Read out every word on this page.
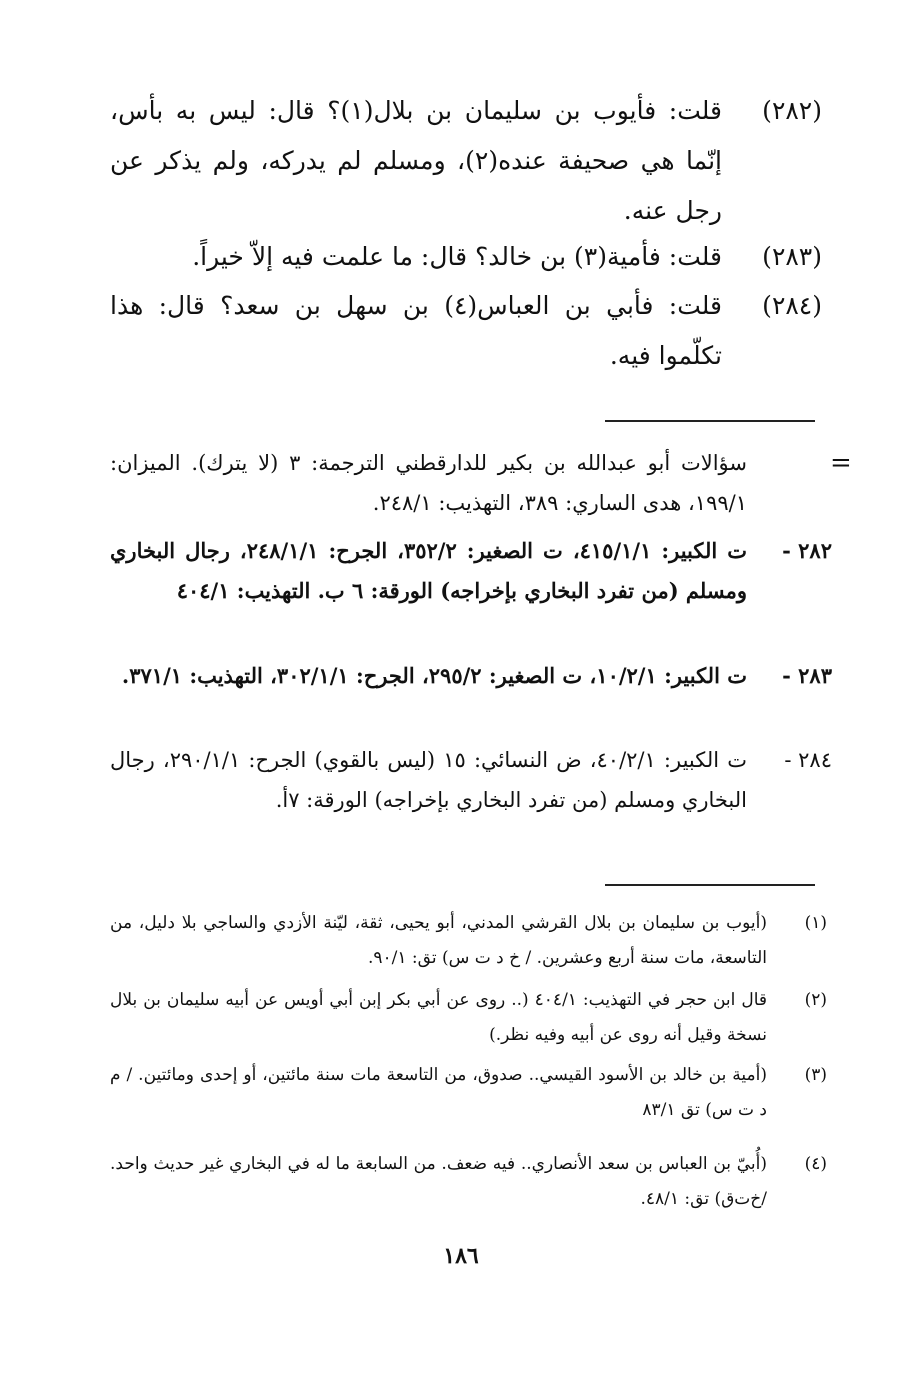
(٢٨٢)
قلت: فأيوب بن سليمان بن بلال(١)؟ قال: ليس به بأس، إنّما هي صحيفة عنده(٢)، ومسلم لم يدركه، ولم يذكر عن رجل عنه.
(٢٨٣)
قلت: فأمية(٣) بن خالد؟ قال: ما علمت فيه إلاّ خيراً.
(٢٨٤)
قلت: فأبي بن العباس(٤) بن سهل بن سعد؟ قال: هذا تكلّموا فيه.
=
سؤالات أبو عبدالله بن بكير للدارقطني الترجمة: ٣ (لا يترك). الميزان: ١٩٩/١، هدى الساري: ٣٨٩، التهذيب: ٢٤٨/١.
٢٨٢ -
ت الكبير: ٤١٥/١/١، ت الصغير: ٣٥٢/٢، الجرح: ٢٤٨/١/١، رجال البخاري ومسلم (من تفرد البخاري بإخراجه) الورقة: ٦ ب. التهذيب: ٤٠٤/١
٢٨٣ -
ت الكبير: ١٠/٢/١، ت الصغير: ٢٩٥/٢، الجرح: ٣٠٢/١/١، التهذيب: ٣٧١/١.
٢٨٤ -
ت الكبير: ٤٠/٢/١، ض النسائي: ١٥ (ليس بالقوي) الجرح: ٢٩٠/١/١، رجال البخاري ومسلم (من تفرد البخاري بإخراجه) الورقة: ٧أ.
(١)
(أيوب بن سليمان بن بلال القرشي المدني، أبو يحيى، ثقة، ليّنة الأزدي والساجي بلا دليل، من التاسعة، مات سنة أربع وعشرين. / خ د ت س) تق: ٩٠/١.
(٢)
قال ابن حجر في التهذيب: ٤٠٤/١ (.. روى عن أبي بكر إبن أبي أويس عن أبيه سليمان بن بلال نسخة وقيل أنه روى عن أبيه وفيه نظر.)
(٣)
(أمية بن خالد بن الأسود القيسي.. صدوق، من التاسعة مات سنة مائتين، أو إحدى ومائتين. / م د ت س) تق ٨٣/١
(٤)
(أُبيّ بن العباس بن سعد الأنصاري.. فيه ضعف. من السابعة ما له في البخاري غير حديث واحد. /خ‌ت‌ق) تق: ٤٨/١.
١٨٦
